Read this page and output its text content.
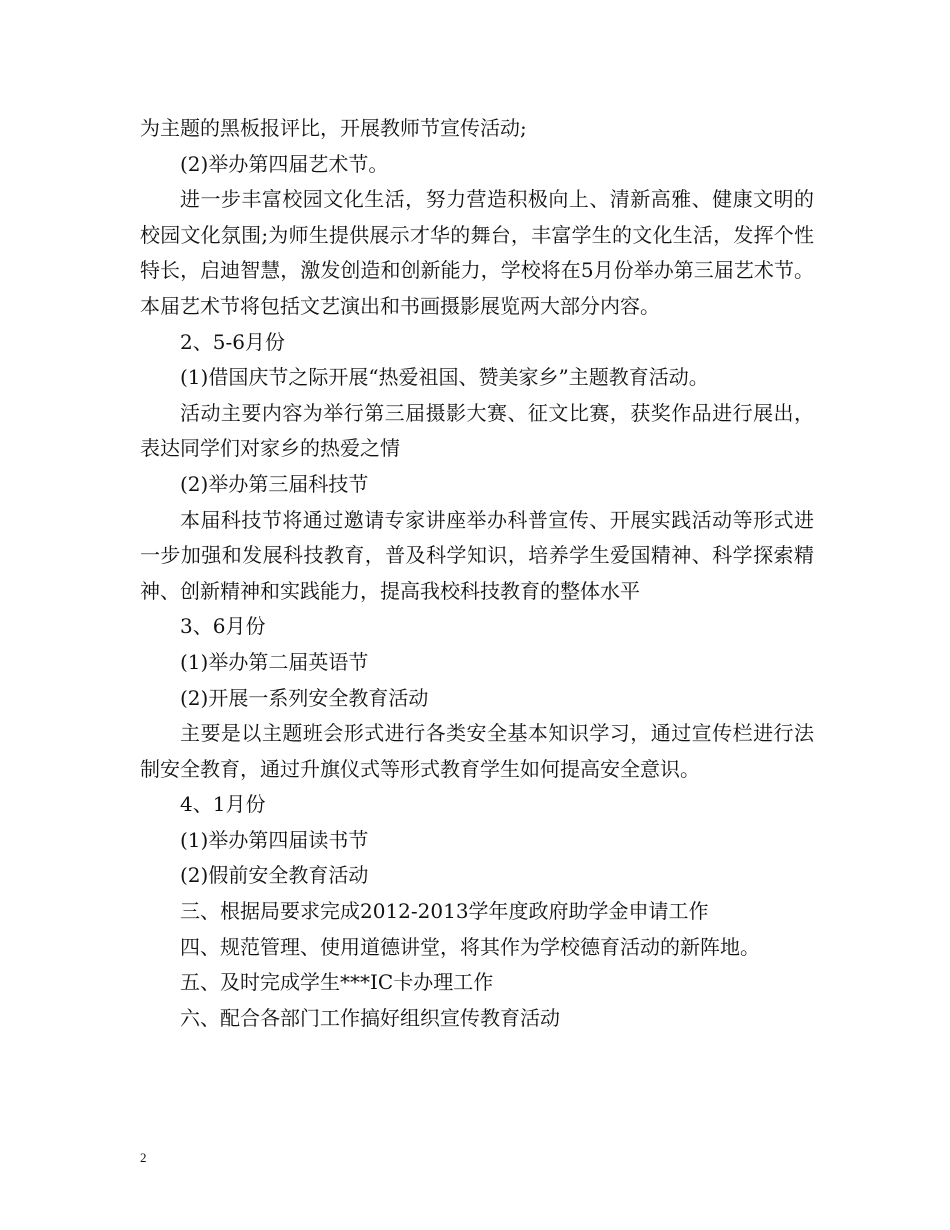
为主题的黑板报评比，开展教师节宣传活动;

(2)举办第四届艺术节。

进一步丰富校园文化生活，努力营造积极向上、清新高雅、健康文明的校园文化氛围;为师生提供展示才华的舞台，丰富学生的文化生活，发挥个性特长，启迪智慧，激发创造和创新能力，学校将在5月份举办第三届艺术节。本届艺术节将包括文艺演出和书画摄影展览两大部分内容。

2、5-6月份

(1)借国庆节之际开展“热爱祖国、赞美家乡”主题教育活动。

活动主要内容为举行第三届摄影大赛、征文比赛，获奖作品进行展出，表达同学们对家乡的热爱之情

(2)举办第三届科技节

本届科技节将通过邀请专家讲座举办科普宣传、开展实践活动等形式进一步加强和发展科技教育，普及科学知识，培养学生爱国精神、科学探索精神、创新精神和实践能力，提高我校科技教育的整体水平

3、6月份

(1)举办第二届英语节

(2)开展一系列安全教育活动

主要是以主题班会形式进行各类安全基本知识学习，通过宣传栏进行法制安全教育，通过升旗仪式等形式教育学生如何提高安全意识。

4、1月份

(1)举办第四届读书节

(2)假前安全教育活动

三、根据局要求完成2012-2013学年度政府助学金申请工作

四、规范管理、使用道德讲堂，将其作为学校德育活动的新阵地。

五、及时完成学生***IC卡办理工作

六、配合各部门工作搞好组织宣传教育活动

2
